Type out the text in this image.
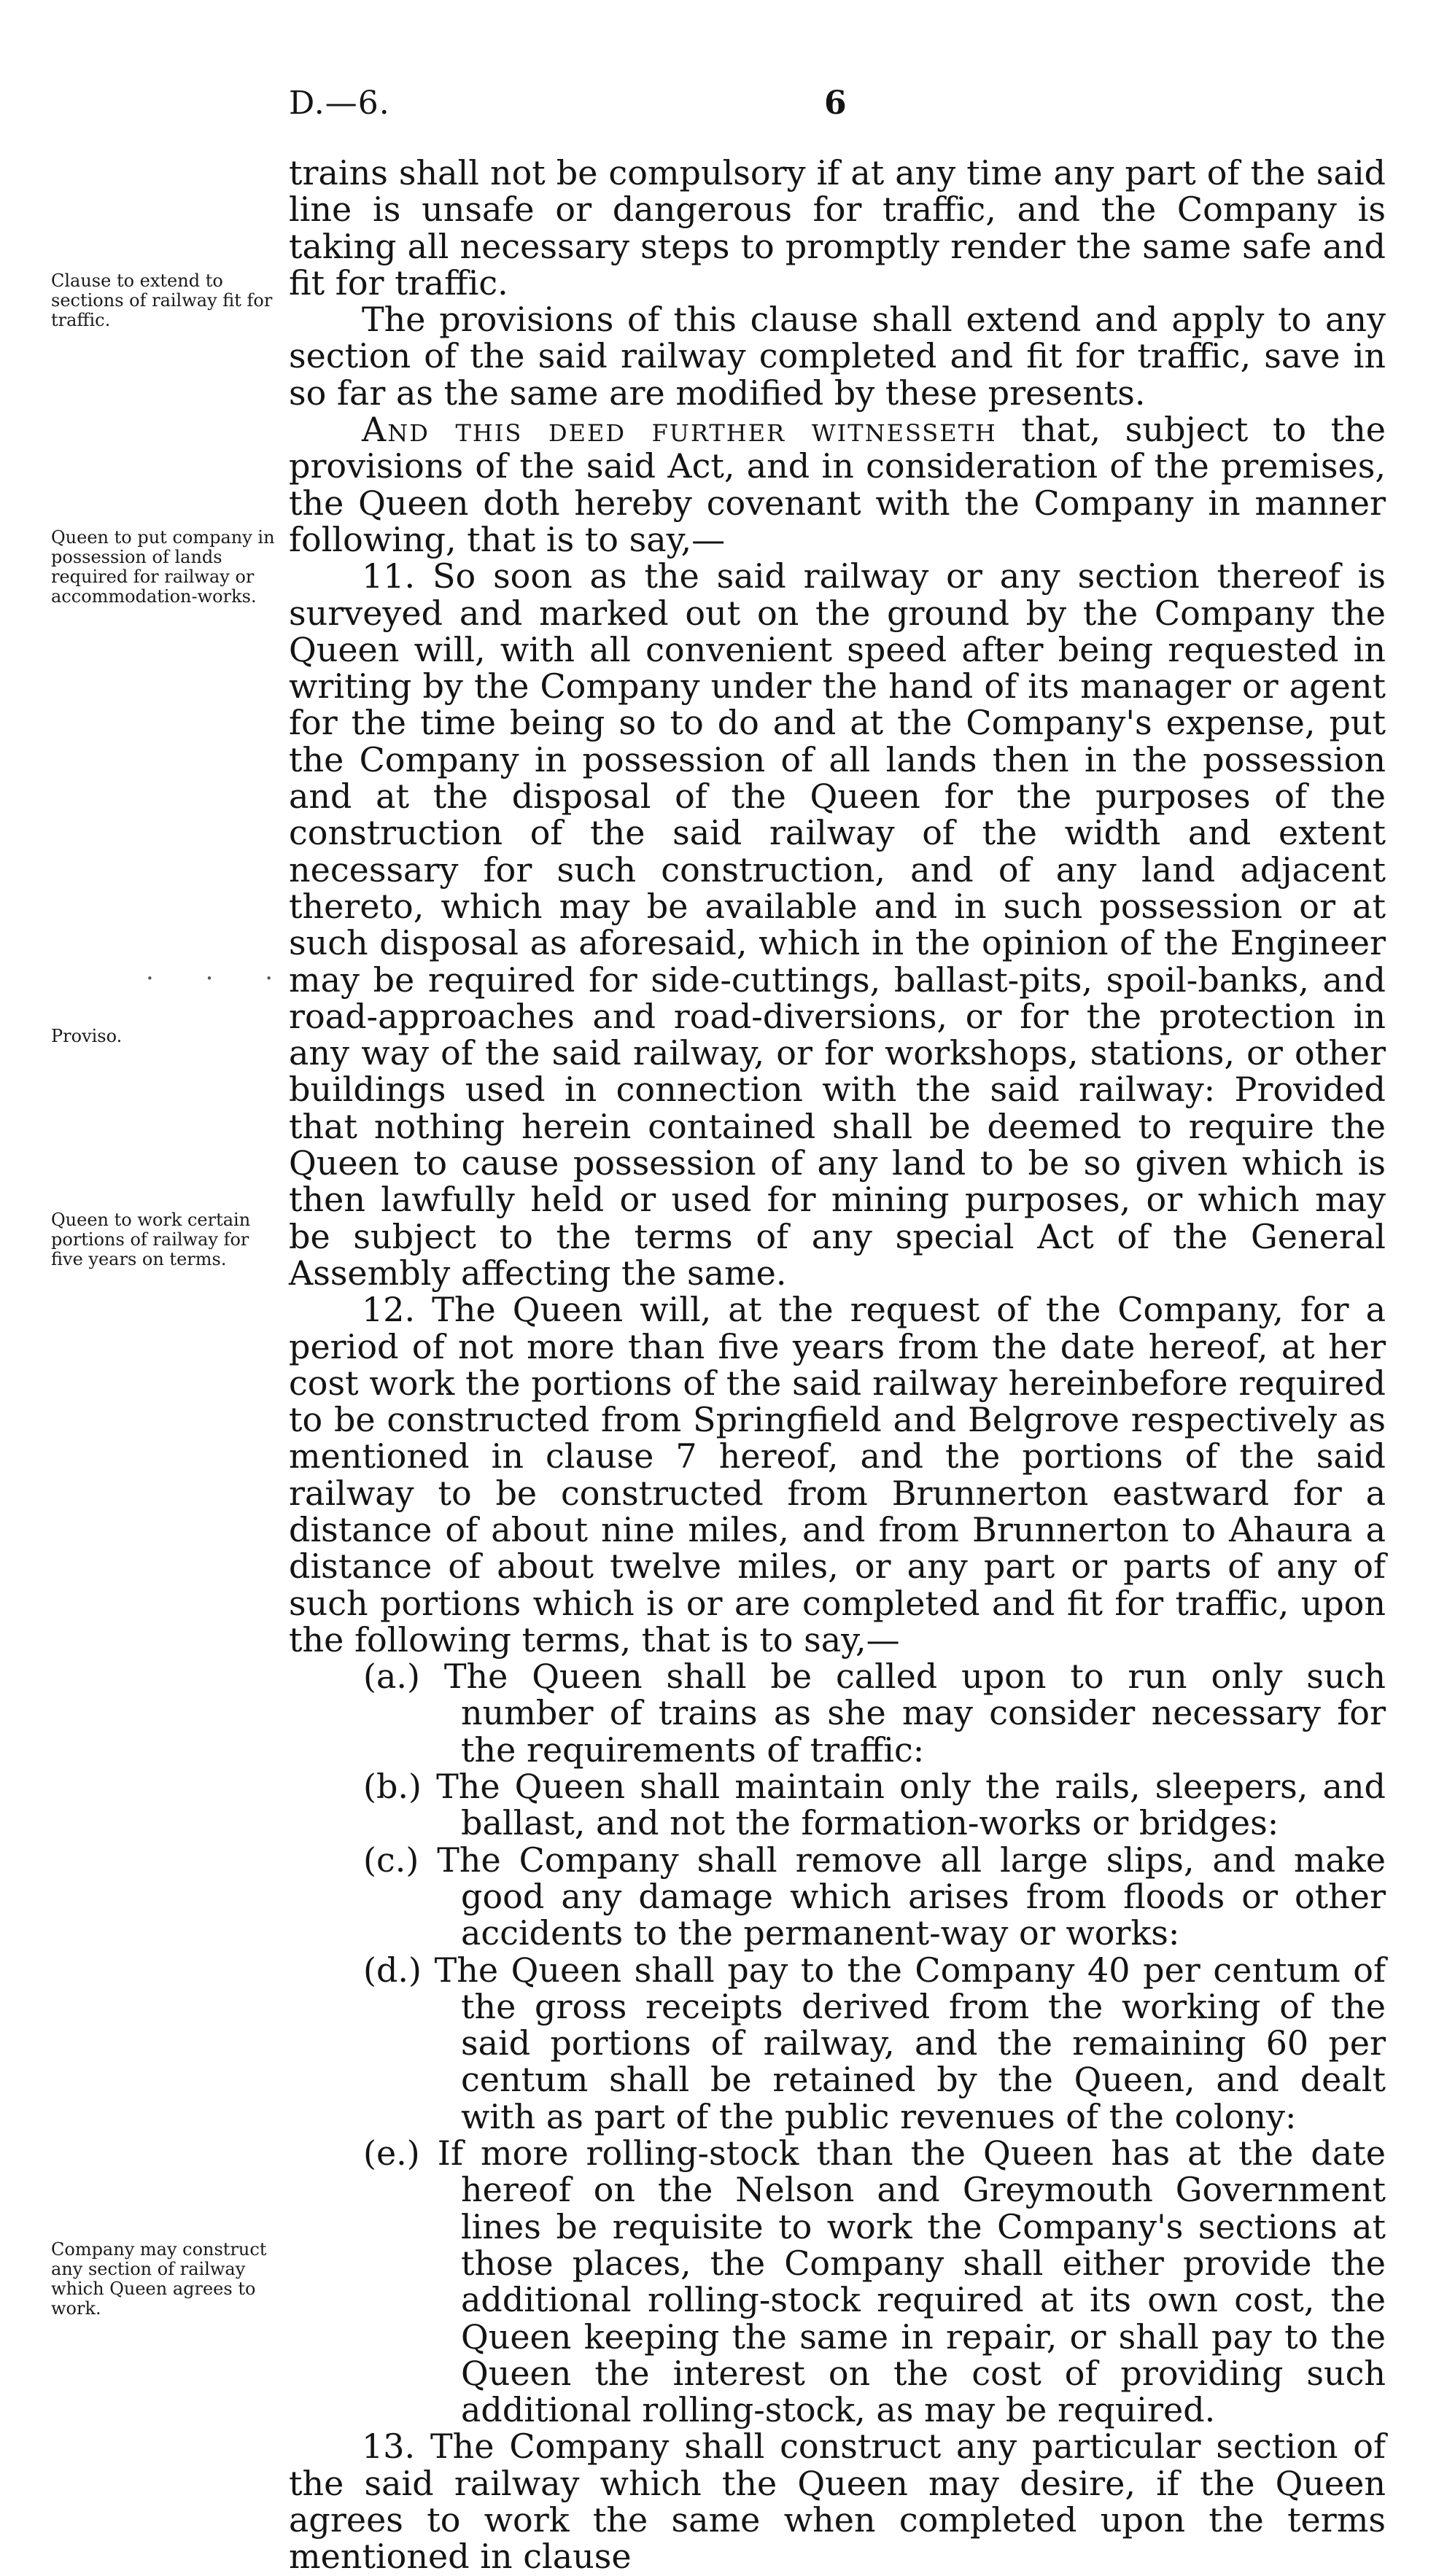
D.—6.	6
Clause to extend to sections of railway fit for traffic.
Queen to put company in possession of lands required for railway or accommodation-works.
. . .
Proviso.
Queen to work certain portions of railway for five years on terms.
Company may construct any section of railway which Queen agrees to work.

trains shall not be compulsory if at any time any part of the said line is unsafe or dangerous for traffic, and the Company is taking all necessary steps to promptly render the same safe and fit for traffic.

The provisions of this clause shall extend and apply to any section of the said railway completed and fit for traffic, save in so far as the same are modified by these presents.

And this deed further witnesseth that, subject to the provisions of the said Act, and in consideration of the premises, the Queen doth hereby covenant with the Company in manner following, that is to say,—

11. So soon as the said railway or any section thereof is surveyed and marked out on the ground by the Company the Queen will, with all convenient speed after being requested in writing by the Company under the hand of its manager or agent for the time being so to do and at the Company's expense, put the Company in possession of all lands then in the possession and at the disposal of the Queen for the purposes of the construction of the said railway of the width and extent necessary for such construction, and of any land adjacent thereto, which may be available and in such possession or at such disposal as aforesaid, which in the opinion of the Engineer may be required for side-cuttings, ballast-pits, spoil-banks, and road-approaches and road-diversions, or for the protection in any way of the said railway, or for workshops, stations, or other buildings used in connection with the said railway: Provided that nothing herein contained shall be deemed to require the Queen to cause possession of any land to be so given which is then lawfully held or used for mining purposes, or which may be subject to the terms of any special Act of the General Assembly affecting the same.

12. The Queen will, at the request of the Company, for a period of not more than five years from the date hereof, at her cost work the portions of the said railway hereinbefore required to be constructed from Springfield and Belgrove respectively as mentioned in clause 7 hereof, and the portions of the said railway to be constructed from Brunnerton eastward for a distance of about nine miles, and from Brunnerton to Ahaura a distance of about twelve miles, or any part or parts of any of such portions which is or are completed and fit for traffic, upon the following terms, that is to say,—

(a.) The Queen shall be called upon to run only such number of trains as she may consider necessary for the requirements of traffic:

(b.) The Queen shall maintain only the rails, sleepers, and ballast, and not the formation-works or bridges:

(c.) The Company shall remove all large slips, and make good any damage which arises from floods or other accidents to the permanent-way or works:

(d.) The Queen shall pay to the Company 40 per centum of the gross receipts derived from the working of the said portions of railway, and the remaining 60 per centum shall be retained by the Queen, and dealt with as part of the public revenues of the colony:

(e.) If more rolling-stock than the Queen has at the date hereof on the Nelson and Greymouth Government lines be requisite to work the Company's sections at those places, the Company shall either provide the additional rolling-stock required at its own cost, the Queen keeping the same in repair, or shall pay to the Queen the interest on the cost of providing such additional rolling-stock, as may be required.

13. The Company shall construct any particular section of the said railway which the Queen may desire, if the Queen agrees to work the same when completed upon the terms mentioned in clause
